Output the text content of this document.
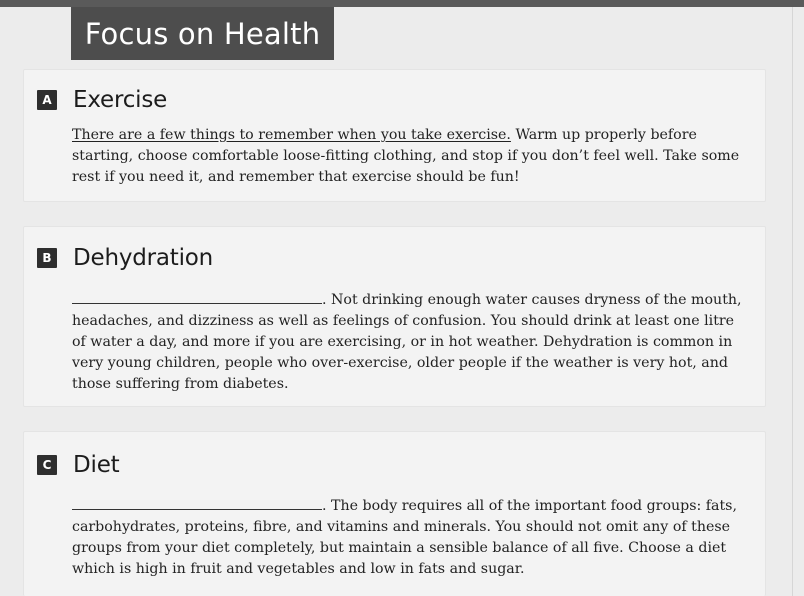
Focus on Health
A Exercise

There are a few things to remember when you take exercise. Warm up properly before starting, choose comfortable loose-fitting clothing, and stop if you don’t feel well. Take some rest if you need it, and remember that exercise should be fun!

B Dehydration

. Not drinking enough water causes dryness of the mouth, headaches, and dizziness as well as feelings of confusion. You should drink at least one litre of water a day, and more if you are exercising, or in hot weather. Dehydration is common in very young children, people who over-exercise, older people if the weather is very hot, and those suffering from diabetes.

C Diet

. The body requires all of the important food groups: fats, carbohydrates, proteins, fibre, and vitamins and minerals. You should not omit any of these groups from your diet completely, but maintain a sensible balance of all five. Choose a diet which is high in fruit and vegetables and low in fats and sugar.
